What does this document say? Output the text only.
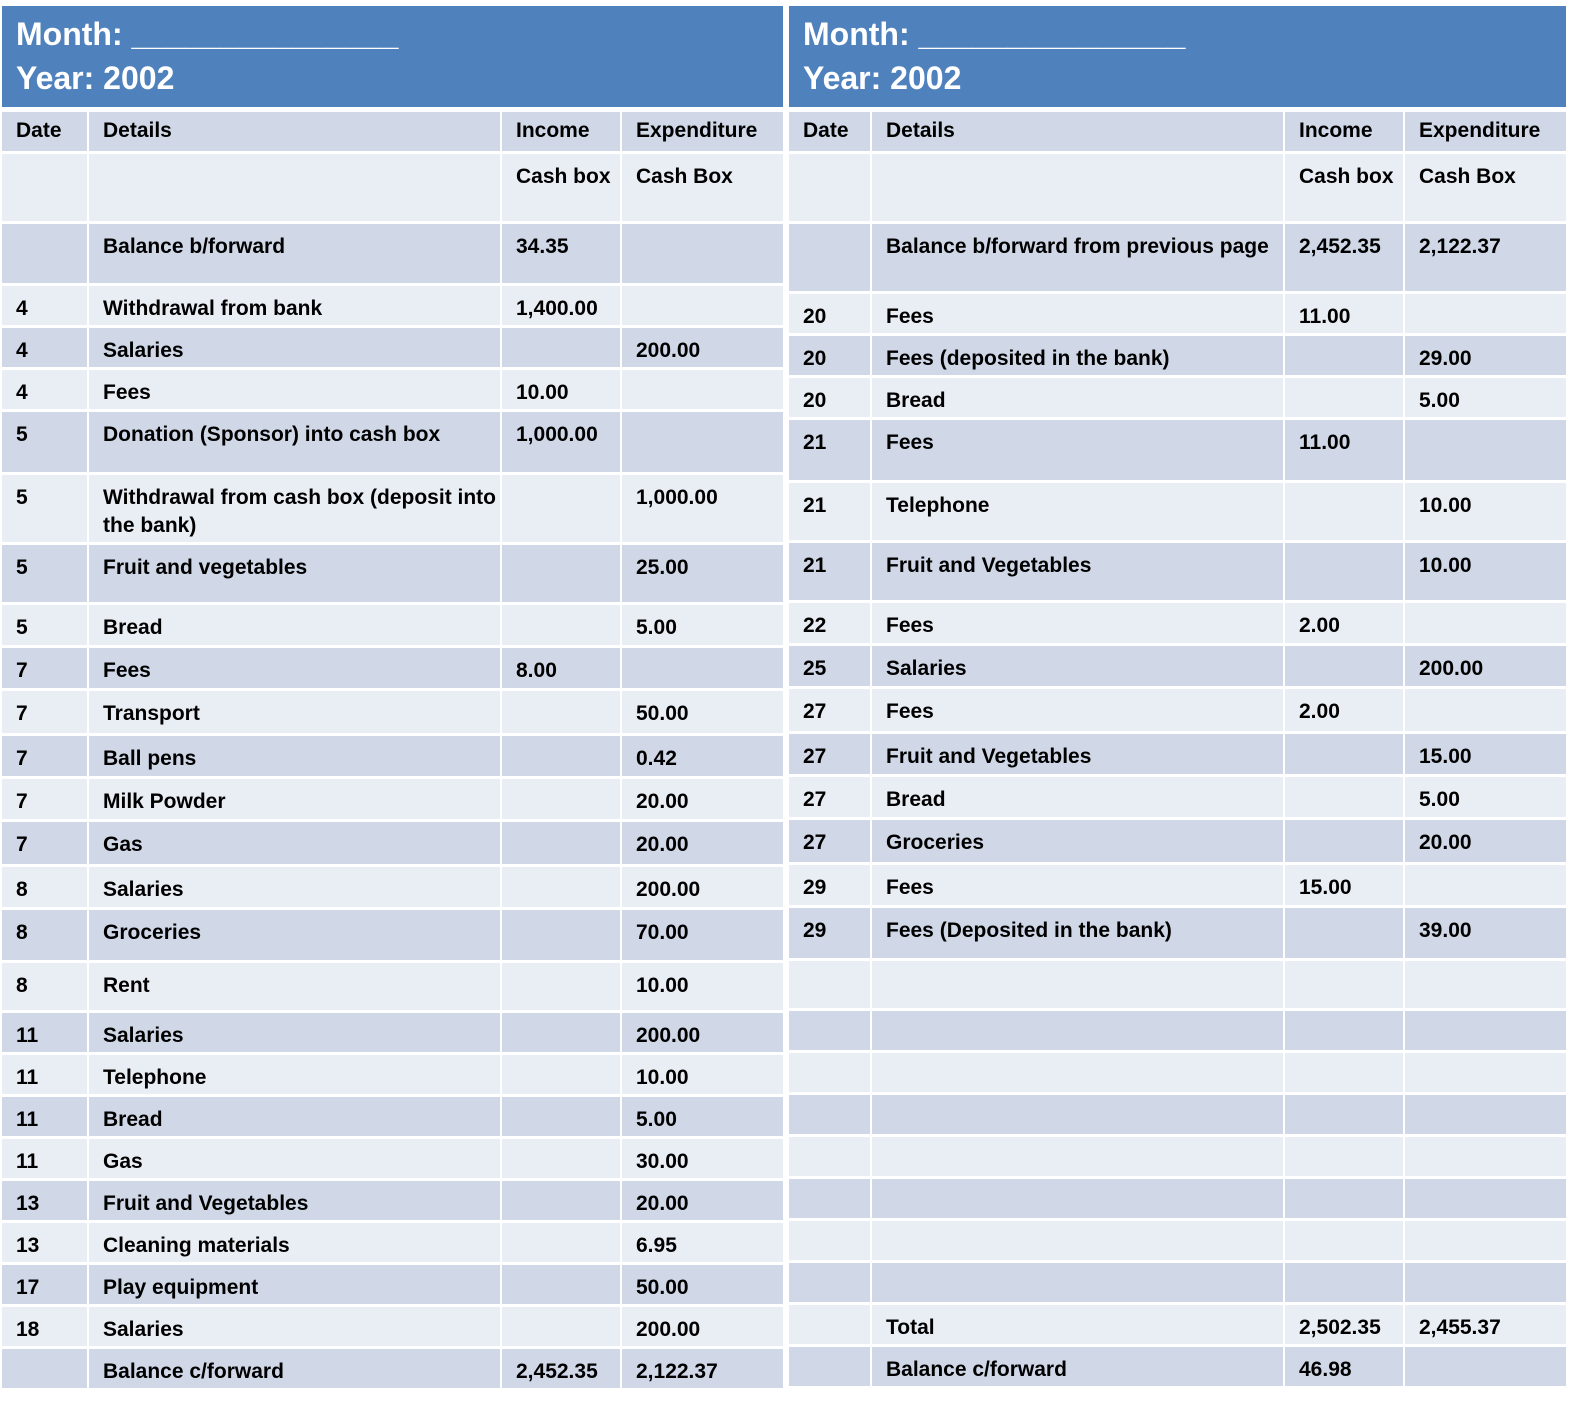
Month: _______________
Year: 2002			

Date	Details	Income	Expenditure
		Cash box	Cash Box
	Balance b/forward	34.35	
4	Withdrawal from bank	1,400.00	
4	Salaries		200.00
4	Fees	10.00	
5	Donation (Sponsor) into cash box	1,000.00	
5	Withdrawal from cash box (deposit into the bank)		1,000.00
5	Fruit and vegetables		25.00
5	Bread		5.00
7	Fees	8.00	
7	Transport		50.00
7	Ball pens		0.42
7	Milk Powder		20.00
7	Gas		20.00
8	Salaries		200.00
8	Groceries		70.00
8	Rent		10.00
11	Salaries		200.00
11	Telephone		10.00
11	Bread		5.00
11	Gas		30.00
13	Fruit and Vegetables		20.00
13	Cleaning materials		6.95
17	Play equipment		50.00
18	Salaries		200.00
	Balance c/forward	2,452.35	2,122.37
Month: _______________
Year: 2002			

Date	Details	Income	Expenditure
		Cash box	Cash Box
	Balance b/forward from previous page	2,452.35	2,122.37
20	Fees	11.00	
20	Fees (deposited in the bank)		29.00
20	Bread		5.00
21	Fees	11.00	
21	Telephone		10.00
21	Fruit and Vegetables		10.00
22	Fees	2.00	
25	Salaries		200.00
27	Fees	2.00	
27	Fruit and Vegetables		15.00
27	Bread		5.00
27	Groceries		20.00
29	Fees	15.00	
29	Fees (Deposited in the bank)		39.00

	Total	2,502.35	2,455.37
	Balance c/forward	46.98	
